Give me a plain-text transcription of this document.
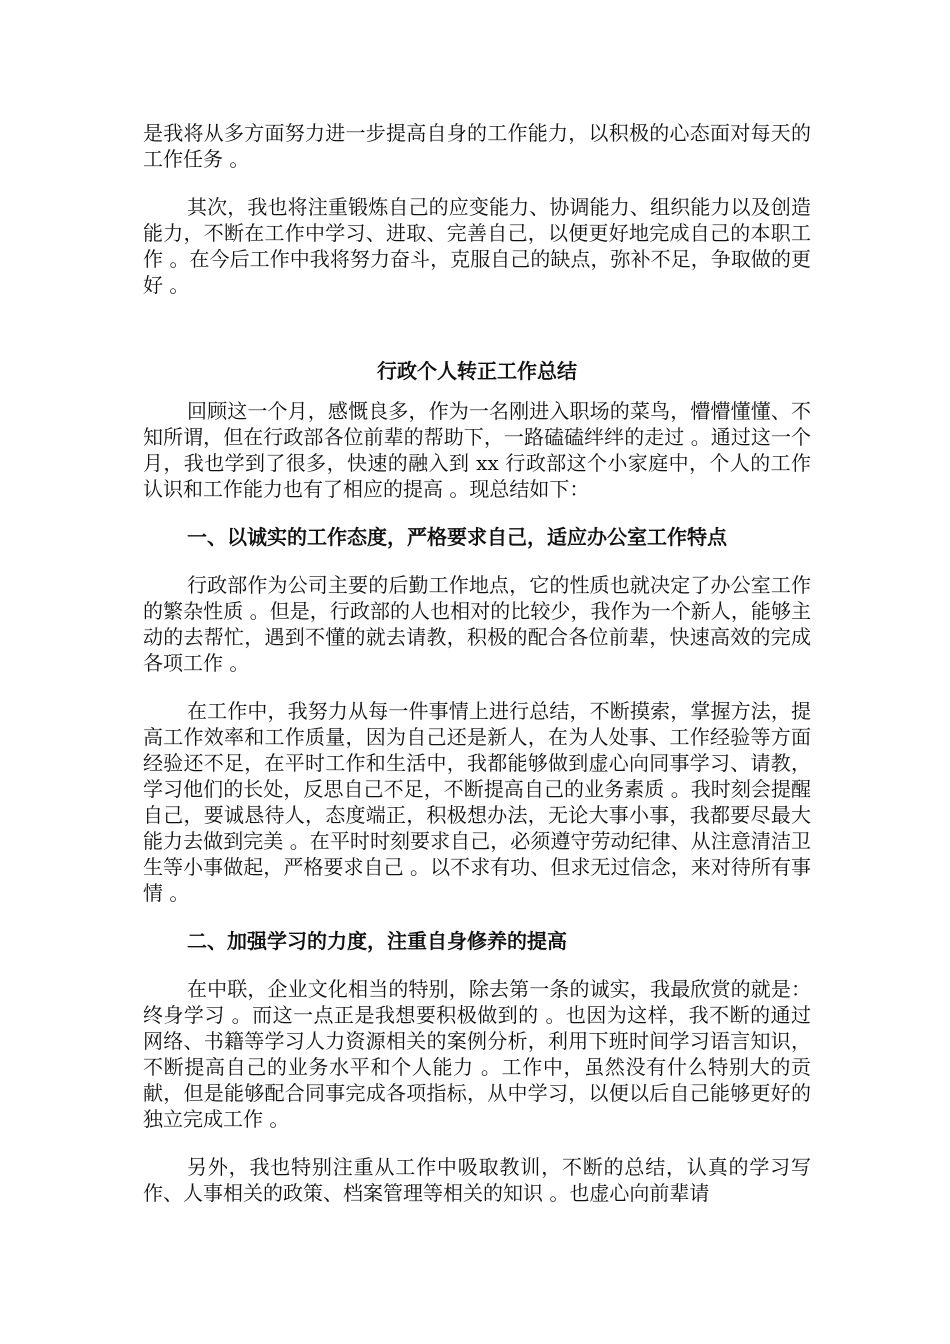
是我将从多方面努力进一步提高自身的工作能力，以积极的心态面对每天的工作任务 。

其次，我也将注重锻炼自己的应变能力、协调能力、组织能力以及创造能力，不断在工作中学习、进取、完善自己，以便更好地完成自己的本职工作 。在今后工作中我将努力奋斗，克服自己的缺点，弥补不足，争取做的更好 。

行政个人转正工作总结

回顾这一个月，感慨良多，作为一名刚进入职场的菜鸟，懵懵懂懂、不知所谓，但在行政部各位前辈的帮助下，一路磕磕绊绊的走过 。通过这一个月，我也学到了很多，快速的融入到 xx 行政部这个小家庭中，个人的工作认识和工作能力也有了相应的提高 。现总结如下：

一、以诚实的工作态度，严格要求自己，适应办公室工作特点

行政部作为公司主要的后勤工作地点，它的性质也就决定了办公室工作的繁杂性质 。但是，行政部的人也相对的比较少，我作为一个新人，能够主动的去帮忙，遇到不懂的就去请教，积极的配合各位前辈，快速高效的完成各项工作 。

在工作中，我努力从每一件事情上进行总结，不断摸索，掌握方法，提高工作效率和工作质量，因为自己还是新人，在为人处事、工作经验等方面经验还不足，在平时工作和生活中，我都能够做到虚心向同事学习、请教，学习他们的长处，反思自己不足，不断提高自己的业务素质 。我时刻会提醒自己，要诚恳待人，态度端正，积极想办法，无论大事小事，我都要尽最大能力去做到完美 。在平时时刻要求自己，必须遵守劳动纪律、从注意清洁卫生等小事做起，严格要求自己 。以不求有功、但求无过信念，来对待所有事情 。

二、加强学习的力度，注重自身修养的提高

在中联，企业文化相当的特别，除去第一条的诚实，我最欣赏的就是：终身学习 。而这一点正是我想要积极做到的 。也因为这样，我不断的通过网络、书籍等学习人力资源相关的案例分析，利用下班时间学习语言知识，不断提高自己的业务水平和个人能力 。工作中，虽然没有什么特别大的贡献，但是能够配合同事完成各项指标，从中学习，以便以后自己能够更好的独立完成工作 。

另外，我也特别注重从工作中吸取教训，不断的总结，认真的学习写作、人事相关的政策、档案管理等相关的知识 。也虚心向前辈请
